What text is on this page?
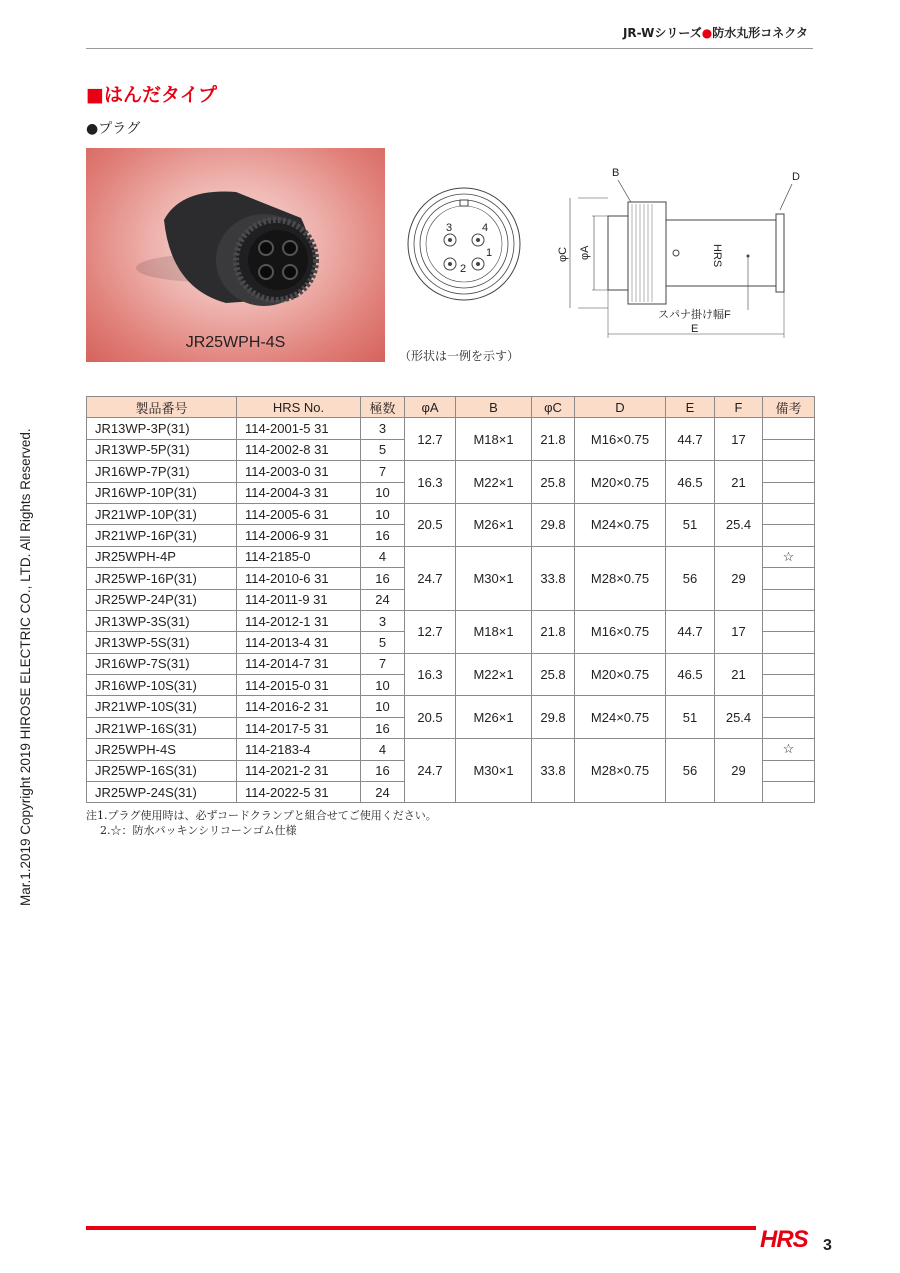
JR-Wシリーズ●防水丸形コネクタ
■はんだタイプ
●プラグ
JR25WPH-4S
3	4
1
2
B	D
φC φA	HRS
スパナ掛け幅F
E
（形状は一例を示す）
製品番号	HRS No.	極数	φA	B	φC	D	E	F	備考
JR13WP-3P(31)	114-2001-5 31	3	12.7	M18×1	21.8	M16×0.75	44.7	17	
JR13WP-5P(31)	114-2002-8 31	5							
JR16WP-7P(31)	114-2003-0 31	7	16.3	M22×1	25.8	M20×0.75	46.5	21	
JR16WP-10P(31)	114-2004-3 31	10							
JR21WP-10P(31)	114-2005-6 31	10	20.5	M26×1	29.8	M24×0.75	51	25.4	
JR21WP-16P(31)	114-2006-9 31	16							
JR25WPH-4P	114-2185-0	4	24.7	M30×1	33.8	M28×0.75	56	29	☆
JR25WP-16P(31)	114-2010-6 31	16							
JR25WP-24P(31)	114-2011-9 31	24							
JR13WP-3S(31)	114-2012-1 31	3	12.7	M18×1	21.8	M16×0.75	44.7	17	
JR13WP-5S(31)	114-2013-4 31	5							
JR16WP-7S(31)	114-2014-7 31	7	16.3	M22×1	25.8	M20×0.75	46.5	21	
JR16WP-10S(31)	114-2015-0 31	10							
JR21WP-10S(31)	114-2016-2 31	10	20.5	M26×1	29.8	M24×0.75	51	25.4	
JR21WP-16S(31)	114-2017-5 31	16							
JR25WPH-4S	114-2183-4	4	24.7	M30×1	33.8	M28×0.75	56	29	☆
JR25WP-16S(31)	114-2021-2 31	16							
JR25WP-24S(31)	114-2022-5 31	24							
注1.プラグ使用時は、必ずコードクランプと組合せてご使用ください。
2.☆：防水パッキンシリコーンゴム仕様
Mar.1.2019 Copyright 2019 HIROSE ELECTRIC CO., LTD. All Rights Reserved.
HRS 3
